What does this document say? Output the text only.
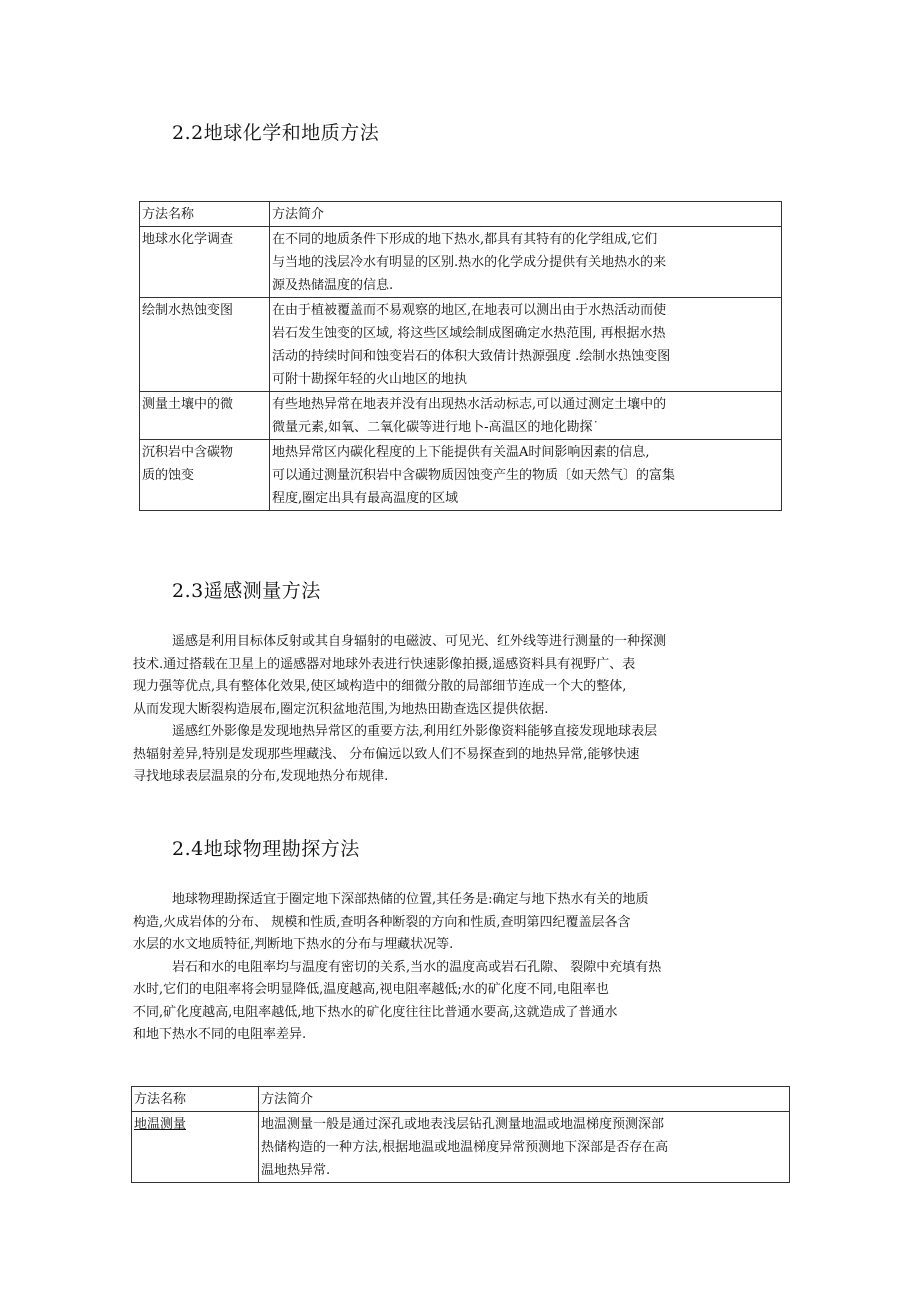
2.2地球化学和地质方法
方法名称	方法简介

地球水化学调查	在不同的地质条件下形成的地下热水,都具有其特有的化学组成,它们
与当地的浅层冷水有明显的区别.热水的化学成分提供有关地热水的来
源及热储温度的信息.

绘制水热蚀变图	在由于植被覆盖而不易观察的地区,在地表可以测出由于水热活动而使
岩石发生蚀变的区域, 将这些区域绘制成图确定水热范围, 再根据水热
活动的持续时间和蚀变岩石的体积大致倩计热源强度 .绘制水热蚀变图
可附十勘探年轻的火山地区的地执

测量土壤中的微	有些地热异常在地表并没有出现热水活动标志,可以通过测定土壤中的
微量元素,如氧、二氧化碳等进行地卜-高温区的地化勘探˙

沉积岩中含碳物
质的蚀变	地热异常区内碳化程度的上下能提供有关温A时间影响因素的信息,
可以通过测量沉积岩中含碳物质因蚀变产生的物质〔如天然气〕的富集
程度,圈定出具有最高温度的区域
2.3遥感测量方法
遥感是利用目标体反射或其自身辐射的电磁波、可见光、红外线等进行测量的一种探测
技术.通过搭载在卫星上的遥感器对地球外表进行快速影像拍摄,遥感资料具有视野广、表
现力强等优点,具有整体化效果,使区域构造中的细微分散的局部细节连成一个大的整体,
从而发现大断裂构造展布,圈定沉积盆地范围,为地热田勘查选区提供依据.
遥感红外影像是发现地热异常区的重要方法,利用红外影像资料能够直接发现地球表层
热辐射差异,特别是发现那些埋藏浅、 分布偏远以致人们不易探查到的地热异常,能够快速
寻找地球表层温泉的分布,发现地热分布规律.
2.4地球物理勘探方法
地球物理勘探适宜于圈定地下深部热储的位置,其任务是:确定与地下热水有关的地质
构造,火成岩体的分布、 规模和性质,查明各种断裂的方向和性质,查明第四纪覆盖层各含
水层的水文地质特征,判断地下热水的分布与埋藏状况等.
岩石和水的电阻率均与温度有密切的关系,当水的温度高或岩石孔隙、 裂隙中充填有热
水时,它们的电阻率将会明显降低,温度越高,视电阻率越低;水的矿化度不同,电阻率也
不同,矿化度越高,电阻率越低,地下热水的矿化度往往比普通水要高,这就造成了普通水
和地下热水不同的电阻率差异.
方法名称	方法简介

地温测量	地温测量一般是通过深孔或地表浅层钻孔测量地温或地温梯度预测深部
热储构造的一种方法,根据地温或地温梯度异常预测地下深部是否存在高
温地热异常.
